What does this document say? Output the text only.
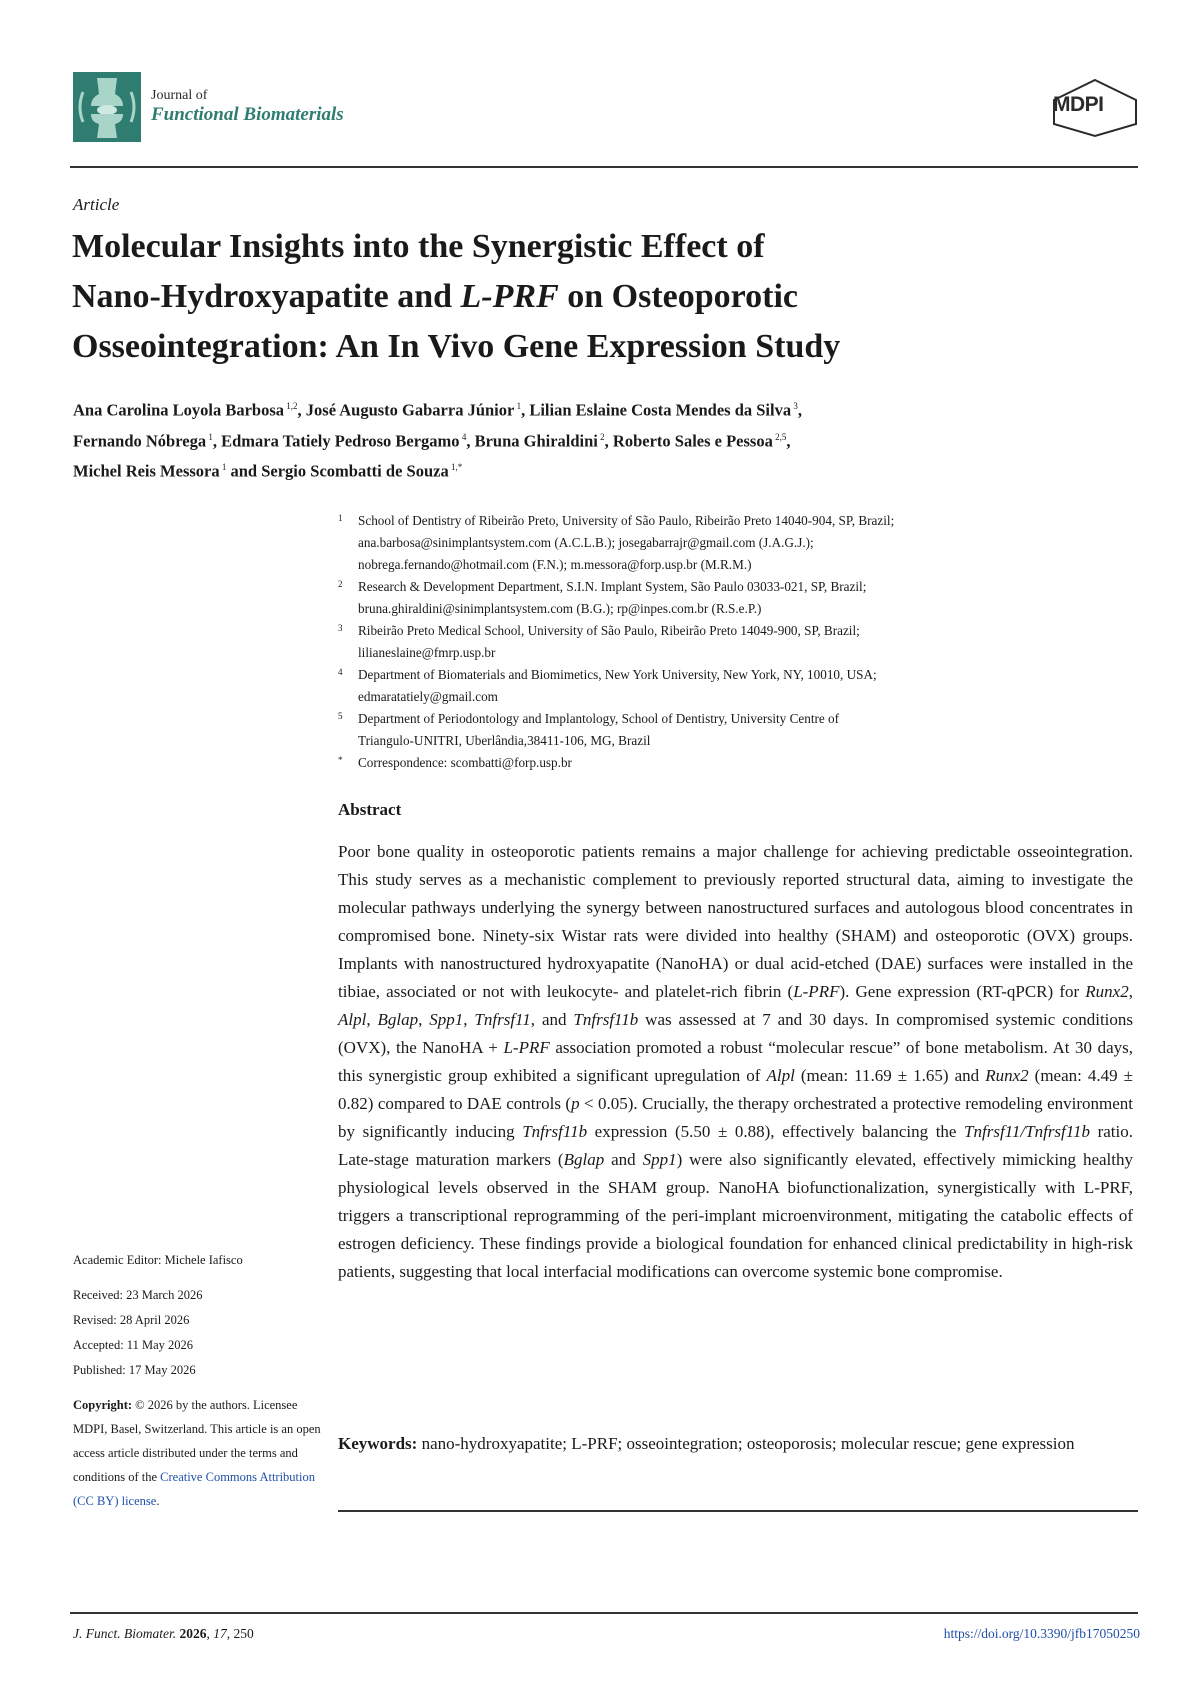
Journal of
Functional Biomaterials	MDPI
Article
Molecular Insights into the Synergistic Effect of
Nano-Hydroxyapatite and L-PRF on Osteoporotic
Osseointegration: An In Vivo Gene Expression Study
Ana Carolina Loyola Barbosa $^{1,2}$, José Augusto Gabarra Júnior $^1$, Lilian Eslaine Costa Mendes da Silva $^3$,
Fernando Nóbrega $^1$, Edmara Tatiely Pedroso Bergamo $^4$, Bruna Ghiraldini $^2$, Roberto Sales e Pessoa $^{2,5}$,
Michel Reis Messora $^1$ and Sergio Scombatti de Souza $^{1,*}$
1 School of Dentistry of Ribeirão Preto, University of São Paulo, Ribeirão Preto 14040-904, SP, Brazil;
ana.barbosa@sinimplantsystem.com (A.C.L.B.); josegabarrajr@gmail.com (J.A.G.J.);
nobrega.fernando@hotmail.com (F.N.); m.messora@forp.usp.br (M.R.M.)
2 Research & Development Department, S.I.N. Implant System, São Paulo 03033-021, SP, Brazil;
bruna.ghiraldini@sinimplantsystem.com (B.G.); rp@inpes.com.br (R.S.e.P.)
3 Ribeirão Preto Medical School, University of São Paulo, Ribeirão Preto 14049-900, SP, Brazil;
lilianeslaine@fmrp.usp.br
4 Department of Biomaterials and Biomimetics, New York University, New York, NY, 10010, USA;
edmaratatiely@gmail.com
5 Department of Periodontology and Implantology, School of Dentistry, University Centre of
Triangulo-UNITRI, Uberlândia,38411-106, MG, Brazil
* Correspondence: scombatti@forp.usp.br
Abstract
Poor bone quality in osteoporotic patients remains a major challenge for achieving predictable osseointegration. This study serves as a mechanistic complement to previously reported structural data, aiming to investigate the molecular pathways underlying the synergy between nanostructured surfaces and autologous blood concentrates in compromised bone. Ninety-six Wistar rats were divided into healthy (SHAM) and osteoporotic (OVX) groups. Implants with nanostructured hydroxyapatite (NanoHA) or dual acid-etched (DAE) surfaces were installed in the tibiae, associated or not with leukocyte- and platelet-rich fibrin (L-PRF). Gene expression (RT-qPCR) for Runx2, Alpl, Bglap, Spp1, Tnfrsf11, and Tnfrsf11b was assessed at 7 and 30 days. In compromised systemic conditions (OVX), the NanoHA + L-PRF association promoted a robust “molecular rescue” of bone metabolism. At 30 days, this synergistic group exhibited a significant upregulation of Alpl (mean: 11.69 ± 1.65) and Runx2 (mean: 4.49 ± 0.82) compared to DAE controls (p < 0.05). Crucially, the therapy orchestrated a protective remodeling environment by significantly inducing Tnfrsf11b expression (5.50 ± 0.88), effectively balancing the Tnfrsf11/Tnfrsf11b ratio. Late-stage maturation markers (Bglap and Spp1) were also significantly elevated, effectively mimicking healthy physiological levels observed in the SHAM group. NanoHA biofunctionalization, synergistically with L-PRF, triggers a transcriptional reprogramming of the peri-implant microenvironment, mitigating the catabolic effects of estrogen deficiency. These findings provide a biological foundation for enhanced clinical predictability in high-risk patients, suggesting that local interfacial modifications can overcome systemic bone compromise.
Keywords: nano-hydroxyapatite; L-PRF; osseointegration; osteoporosis; molecular rescue; gene expression
Academic Editor: Michele Iafisco
Received: 23 March 2026
Revised: 28 April 2026
Accepted: 11 May 2026
Published: 17 May 2026
Copyright: © 2026 by the authors. Licensee MDPI, Basel, Switzerland. This article is an open access article distributed under the terms and conditions of the Creative Commons Attribution (CC BY) license.
J. Funct. Biomater. 2026, 17, 250	https://doi.org/10.3390/jfb17050250
